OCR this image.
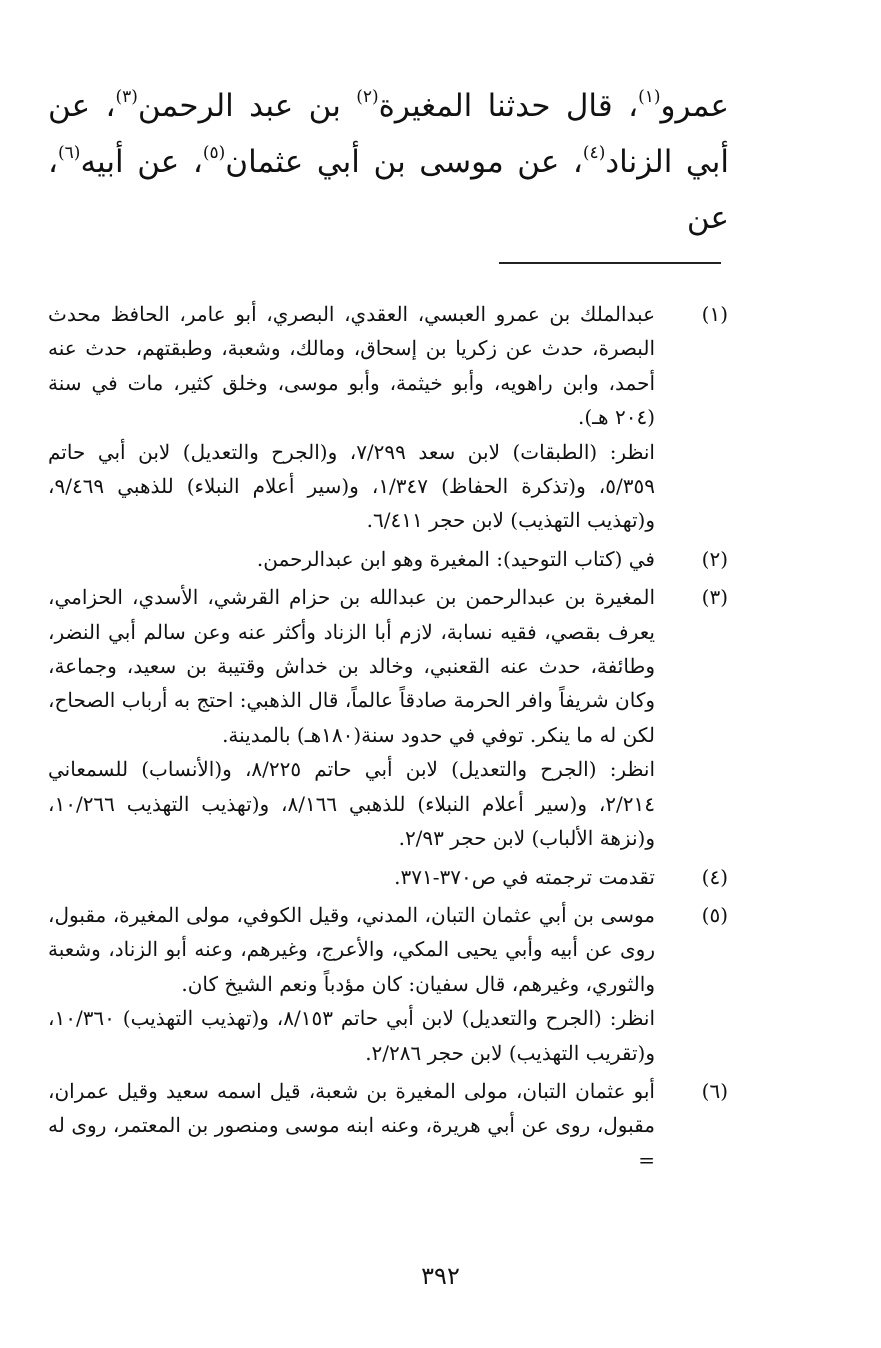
عمرو$^{(١)}$، قال حدثنا المغيرة$^{(٢)}$ بن عبد الرحمن$^{(٣)}$، عن أبي الزناد$^{(٤)}$، عن موسى بن أبي عثمان$^{(٥)}$، عن أبيه$^{(٦)}$، عن

(١)
عبدالملك بن عمرو العبسي، العقدي، البصري، أبو عامر، الحافظ محدث البصرة، حدث عن زكريا بن إسحاق، ومالك، وشعبة، وطبقتهم، حدث عنه أحمد، وابن راهويه، وأبو خيثمة، وأبو موسى، وخلق كثير، مات في سنة (٢٠٤ هـ).
انظر: (الطبقات) لابن سعد ٧/٢٩٩، و(الجرح والتعديل) لابن أبي حاتم ٥/٣٥٩، و(تذكرة الحفاظ) ١/٣٤٧، و(سير أعلام النبلاء) للذهبي ٩/٤٦٩، و(تهذيب التهذيب) لابن حجر ٦/٤١١.
(٢)
في (كتاب التوحيد): المغيرة وهو ابن عبدالرحمن.
(٣)
المغيرة بن عبدالرحمن بن عبدالله بن حزام القرشي، الأسدي، الحزامي، يعرف بقصي، فقيه نسابة، لازم أبا الزناد وأكثر عنه وعن سالم أبي النضر، وطائفة، حدث عنه القعنبي، وخالد بن خداش وقتيبة بن سعيد، وجماعة، وكان شريفاً وافر الحرمة صادقاً عالماً، قال الذهبي: احتج به أرباب الصحاح، لكن له ما ينكر. توفي في حدود سنة(١٨٠هـ) بالمدينة.
انظر: (الجرح والتعديل) لابن أبي حاتم ٨/٢٢٥، و(الأنساب) للسمعاني ٢/٢١٤، و(سير أعلام النبلاء) للذهبي ٨/١٦٦، و(تهذيب التهذيب ١٠/٢٦٦، و(نزهة الألباب) لابن حجر ٢/٩٣.
(٤)
تقدمت ترجمته في ص٣٧٠-٣٧١.
(٥)
موسى بن أبي عثمان التبان، المدني، وقيل الكوفي، مولى المغيرة، مقبول، روى عن أبيه وأبي يحيى المكي، والأعرج، وغيرهم، وعنه أبو الزناد، وشعبة والثوري، وغيرهم، قال سفيان: كان مؤدباً ونعم الشيخ كان.
انظر: (الجرح والتعديل) لابن أبي حاتم ٨/١٥٣، و(تهذيب التهذيب) ١٠/٣٦٠، و(تقريب التهذيب) لابن حجر ٢/٢٨٦.
(٦)
أبو عثمان التبان، مولى المغيرة بن شعبة، قيل اسمه سعيد وقيل عمران، مقبول، روى عن أبي هريرة، وعنه ابنه موسى ومنصور بن المعتمر، روى له =
٣٩٢
